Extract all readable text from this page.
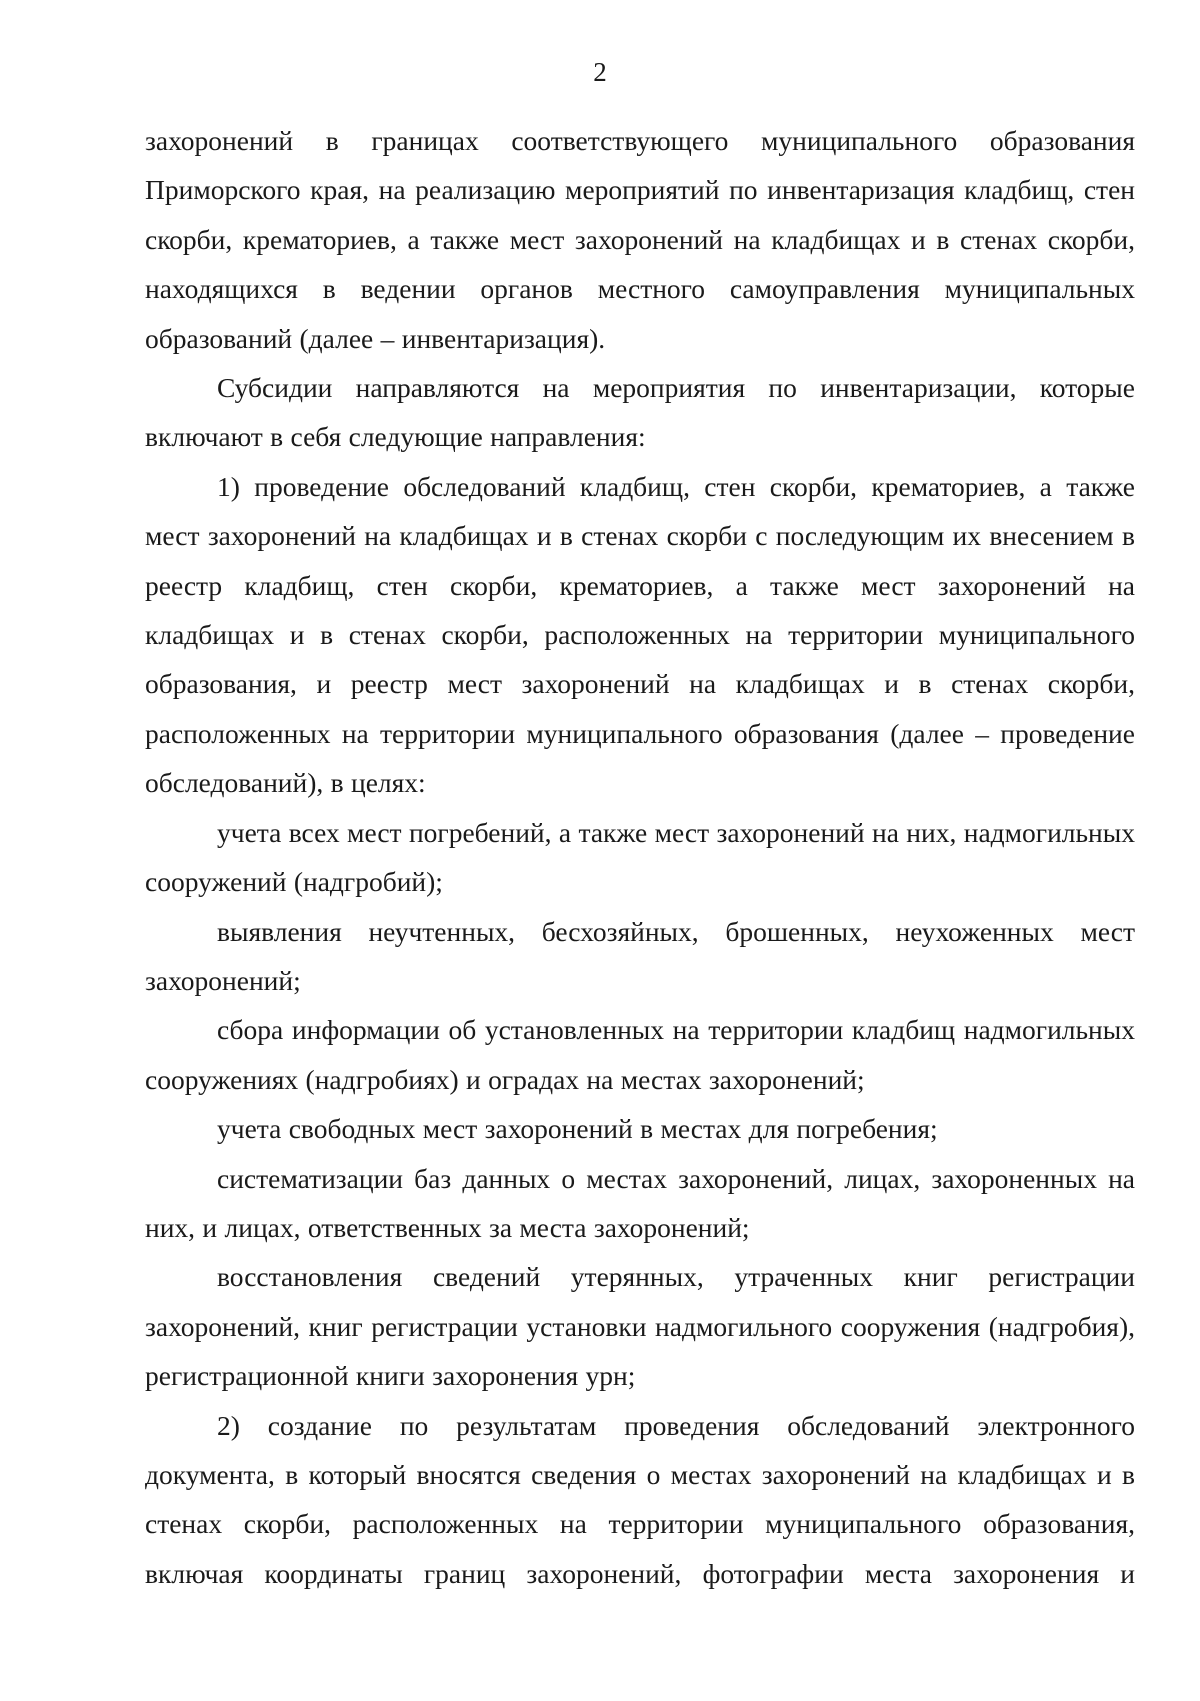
2

захоронений в границах соответствующего муниципального образования Приморского края, на реализацию мероприятий по инвентаризация кладбищ, стен скорби, крематориев, а также мест захоронений на кладбищах и в стенах скорби, находящихся в ведении органов местного самоуправления муниципальных образований (далее – инвентаризация).

Субсидии направляются на мероприятия по инвентаризации, которые включают в себя следующие направления:

1) проведение обследований кладбищ, стен скорби, крематориев, а также мест захоронений на кладбищах и в стенах скорби с последующим их внесением в реестр кладбищ, стен скорби, крематориев, а также мест захоронений на кладбищах и в стенах скорби, расположенных на территории муниципального образования, и реестр мест захоронений на кладбищах и в стенах скорби, расположенных на территории муниципального образования (далее – проведение обследований), в целях:

учета всех мест погребений, а также мест захоронений на них, надмогильных сооружений (надгробий);

выявления неучтенных, бесхозяйных, брошенных, неухоженных мест захоронений;

сбора информации об установленных на территории кладбищ надмогильных сооружениях (надгробиях) и оградах на местах захоронений;

учета свободных мест захоронений в местах для погребения;

систематизации баз данных о местах захоронений, лицах, захороненных на них, и лицах, ответственных за места захоронений;

восстановления сведений утерянных, утраченных книг регистрации захоронений, книг регистрации установки надмогильного сооружения (надгробия), регистрационной книги захоронения урн;

2) создание по результатам проведения обследований электронного документа, в который вносятся сведения о местах захоронений на кладбищах и в стенах скорби, расположенных на территории муниципального образования, включая координаты границ захоронений, фотографии места захоронения и
